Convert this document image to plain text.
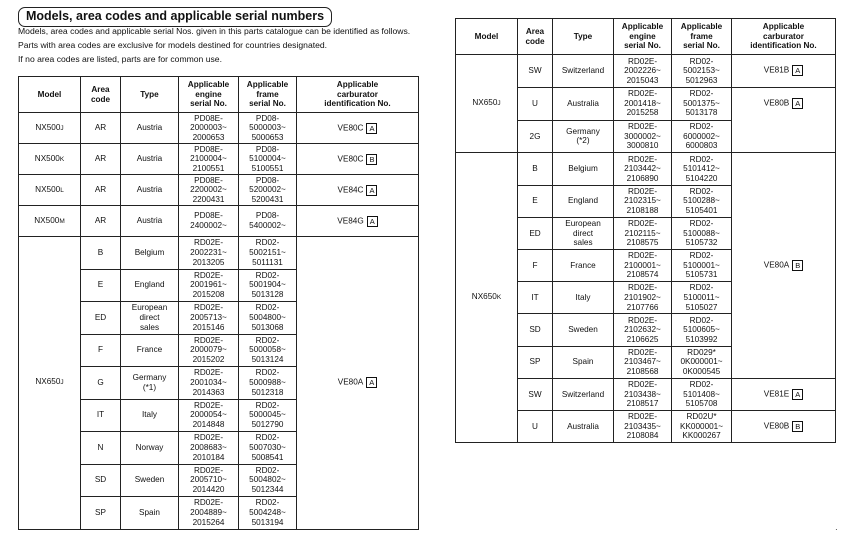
Models, area codes and applicable serial numbers
Models, area codes and applicable serial Nos. given in this parts catalogue can be identified as follows.
Parts with area codes are exclusive for models destined for countries designated.
If no area codes are listed, parts are for common use.
Model	Area
code	Type	Applicable
engine
serial No.	Applicable
frame
serial No.	Applicable
carburator
identification No.
NX500J	AR	Austria	PD08E-
2000003~
2000653	PD08-
5000003~
5000653	VE80C A
NX500K	AR	Austria	PD08E-
2100004~
2100551	PD08-
5100004~
5100551	VE80C B
NX500L	AR	Austria	PD08E-
2200002~
2200431	PD08-
5200002~
5200431	VE84C A
NX500M	AR	Austria	PD08E-
2400002~	PD08-
5400002~	VE84G A
NX650J	B	Belgium	RD02E-
2002231~
2013205	RD02-
5002151~
5011131	VE80A A
	E	England	RD02E-
2001961~
2015208	RD02-
5001904~
5013128	
	ED	European
direct
sales	RD02E-
2005713~
2015146	RD02-
5004800~
5013068	
	F	France	RD02E-
2000079~
2015202	RD02-
5000058~
5013124	
	G	Germany
(*1)	RD02E-
2001034~
2014363	RD02-
5000988~
5012318	
	IT	Italy	RD02E-
2000054~
2014848	RD02-
5000045~
5012790	
	N	Norway	RD02E-
2008683~
2010184	RD02-
5007030~
5008541	
	SD	Sweden	RD02E-
2005710~
2014420	RD02-
5004802~
5012344	
	SP	Spain	RD02E-
2004889~
2015264	RD02-
5004248~
5013194	
Model	Area
code	Type	Applicable
engine
serial No.	Applicable
frame
serial No.	Applicable
carburator
identification No.
NX650J	SW	Switzerland	RD02E-
2002226~
2015043	RD02-
5002153~
5012963	VE81B A
	U	Australia	RD02E-
2001418~
2015258	RD02-
5001375~
5013178	VE80B A
	2G	Germany
(*2)	RD02E-
3000002~
3000810	RD02-
6000002~
6000803	
NX650K	B	Belgium	RD02E-
2103442~
2106890	RD02-
5101412~
5104220	VE80A B
	E	England	RD02E-
2102315~
2108188	RD02-
5100288~
5105401	
	ED	European
direct
sales	RD02E-
2102115~
2108575	RD02-
5100088~
5105732	
	F	France	RD02E-
2100001~
2108574	RD02-
5100001~
5105731	
	IT	Italy	RD02E-
2101902~
2107766	RD02-
5100011~
5105027	
	SD	Sweden	RD02E-
2102632~
2106625	RD02-
5100605~
5103992	
	SP	Spain	RD02E-
2103467~
2108568	RD029*
0K000001~
0K000545	
	SW	Switzerland	RD02E-
2103438~
2108517	RD02-
5101408~
5105708	VE81E A
	U	Australia	RD02E-
2103435~
2108084	RD02U*
KK000001~
KK000267	VE80B B
·
